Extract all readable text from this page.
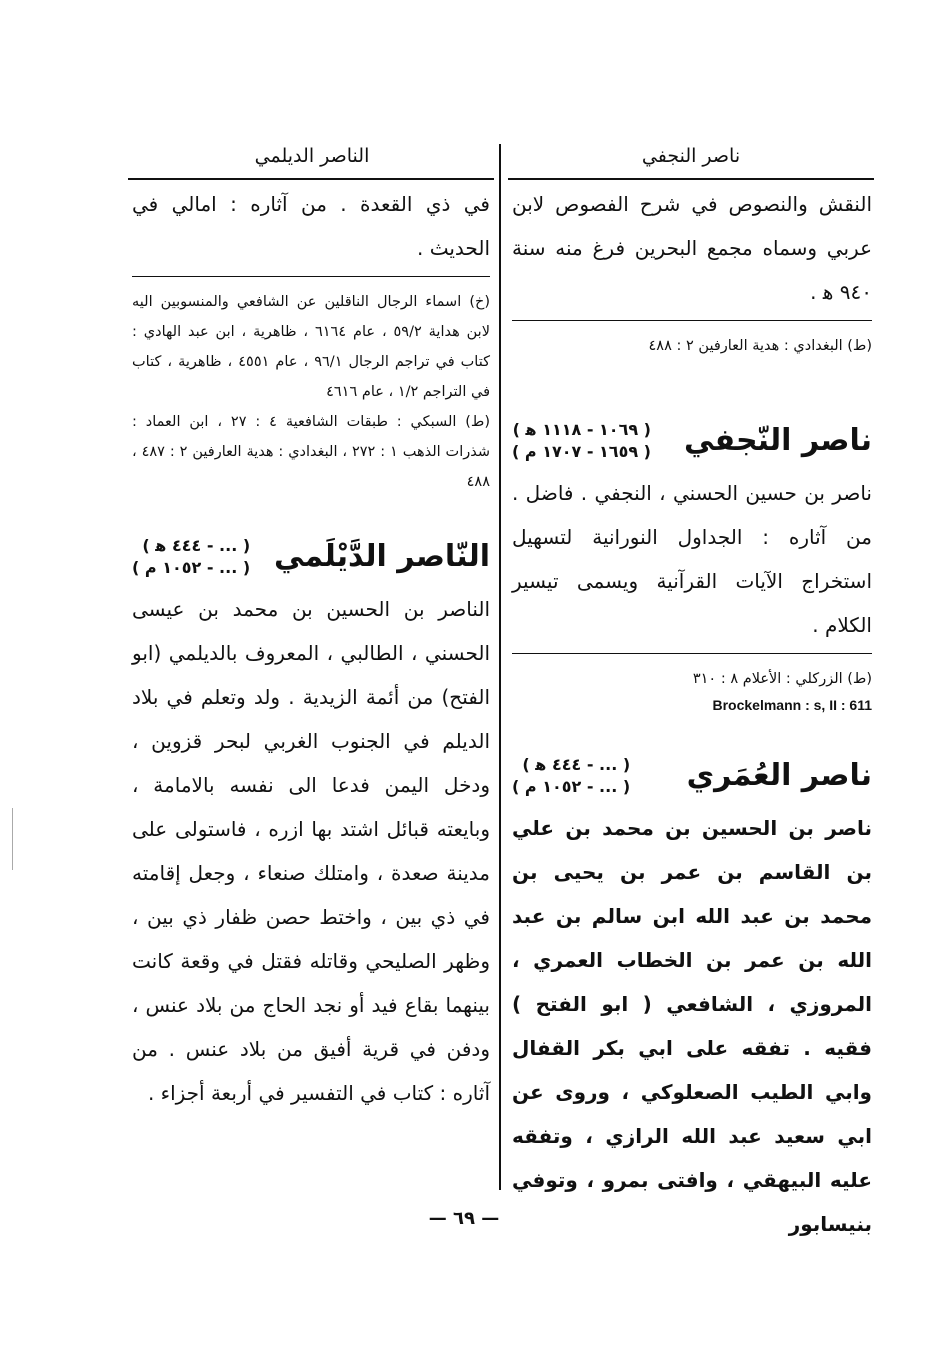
ناصر النجفي
الناصر الديلمي

النقش والنصوص في شرح الفصوص لابن عربي وسماه مجمع البحرين فرغ منه سنة ٩٤٠ ﻫ .

(ط) البغدادي : هدية العارفين ٢ : ٤٨٨

ناصر النّجفي
( ١٠٦٩ - ١١١٨ ﻫ )
( ١٦٥٩ - ١٧٠٧ م )

ناصر بن حسين الحسني ، النجفي . فاضل . من آثاره : الجداول النورانية لتسهيل استخراج الآيات القرآنية ويسمى تيسير الكلام .

(ط) الزركلي : الأعلام ٨ : ٣١٠

Brockelmann : s, II : 611

ناصر العُمَري
( ... - ٤٤٤ ﻫ )
( ... - ١٠٥٢ م )

ناصر بن الحسين بن محمد بن علي بن القاسم بن عمر بن يحيى بن محمد بن عبد الله ابن سالم بن عبد الله بن عمر بن الخطاب العمري ، المروزي ، الشافعي ( ابو الفتح ) فقيه . تفقه على ابي بكر القفال وابي الطيب الصعلوكي ، وروى عن ابي سعيد عبد الله الرازي ، وتفقه عليه البيهقي ، وافتى بمرو ، وتوفي بنيسابور

في ذي القعدة . من آثاره : امالي في الحديث .

(خ) اسماء الرجال الناقلين عن الشافعي والمنسوبين اليه لابن هداية ٥٩/٢ ، عام ٦١٦٤ ، ظاهرية ، ابن عبد الهادي : كتاب في تراجم الرجال ٩٦/١ ، عام ٤٥٥١ ، ظاهرية ، كتاب في التراجم ١/٢ ، عام ٤٦١٦

(ط) السبكي : طبقات الشافعية ٤ : ٢٧ ، ابن العماد : شذرات الذهب ١ : ٢٧٢ ، البغدادي : هدية العارفين ٢ : ٤٨٧ ، ٤٨٨

النّاصر الدَّيْلَمي
( ... - ٤٤٤ ﻫ )
( ... - ١٠٥٢ م )

الناصر بن الحسين بن محمد بن عيسى الحسني ، الطالبي ، المعروف بالديلمي (ابو الفتح) من أئمة الزيدية . ولد وتعلم في بلاد الديلم في الجنوب الغربي لبحر قزوين ، ودخل اليمن فدعا الى نفسه بالامامة ، وبايعته قبائل اشتد بها ازره ، فاستولى على مدينة صعدة ، وامتلك صنعاء ، وجعل إقامته في ذي بين ، واختط حصن ظفار ذي بين ، وظهر الصليحي وقاتله فقتل في وقعة كانت بينهما بقاع فيد أو نجد الحاج من بلاد عنس ، ودفن في قرية أفيق من بلاد عنس . من آثاره : كتاب في التفسير في أربعة أجزاء .

— ٦٩ —
